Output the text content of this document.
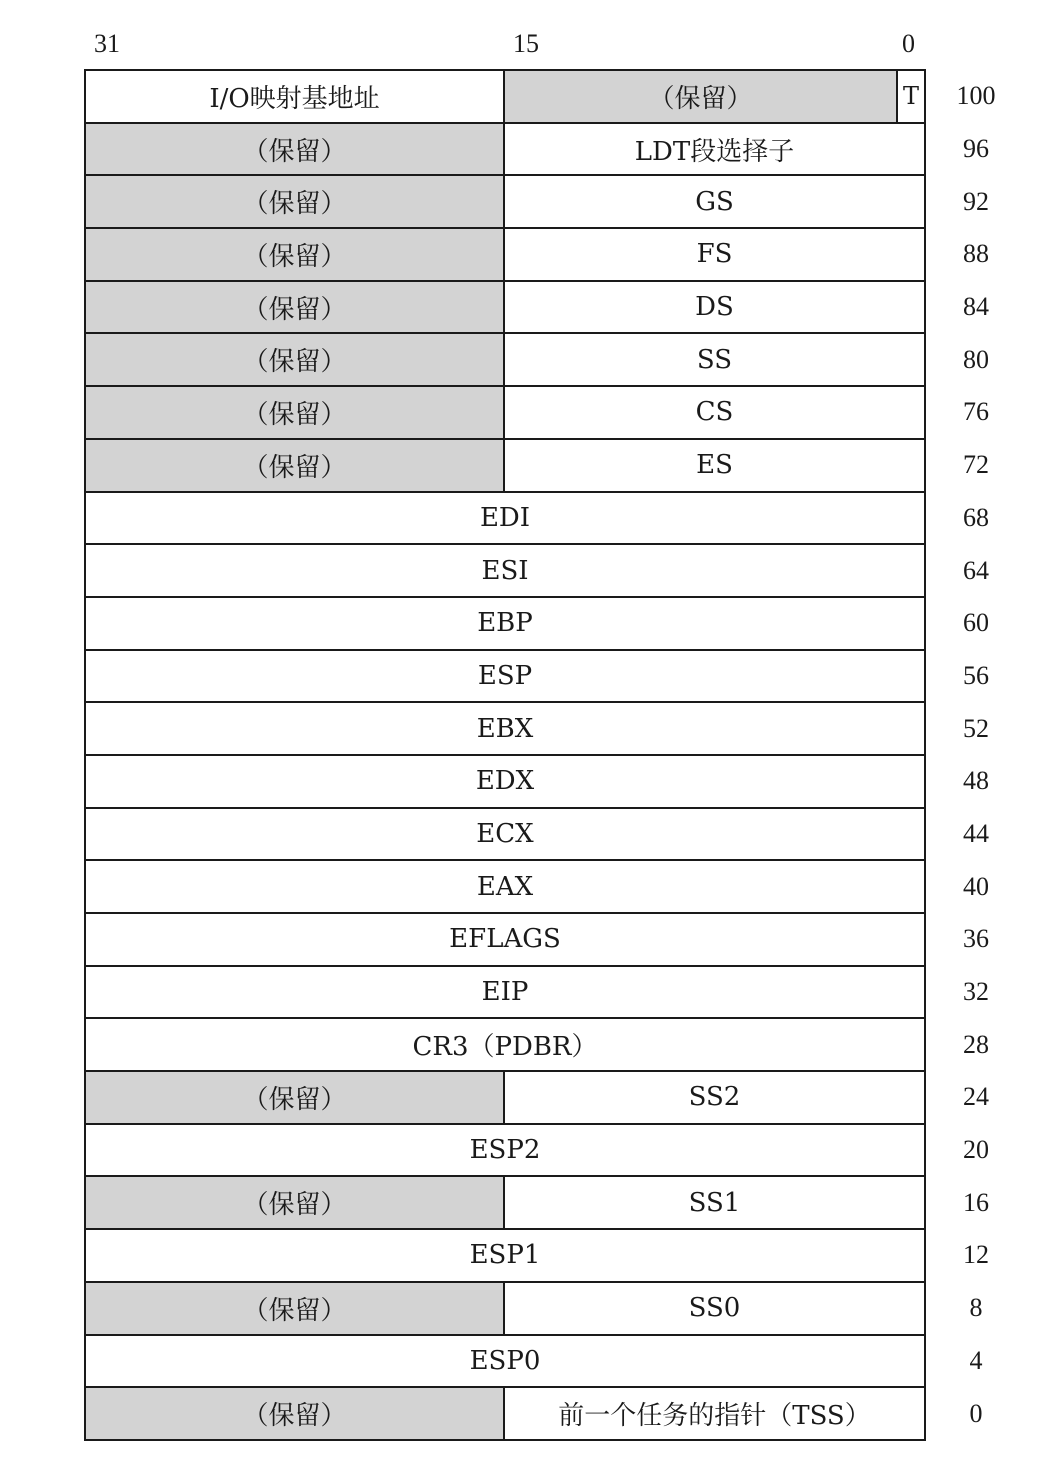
31	15	0
I/O映射基地址	（保留）	T	100
（保留）	LDT段选择子	96
（保留）	GS	92
（保留）	FS	88
（保留）	DS	84
（保留）	SS	80
（保留）	CS	76
（保留）	ES	72
EDI	68
ESI	64
EBP	60
ESP	56
EBX	52
EDX	48
ECX	44
EAX	40
EFLAGS	36
EIP	32
CR3（PDBR）	28
（保留）	SS2	24
ESP2	20
（保留）	SS1	16
ESP1	12
（保留）	SS0	8
ESP0	4
（保留）	前一个任务的指针（TSS）	0
